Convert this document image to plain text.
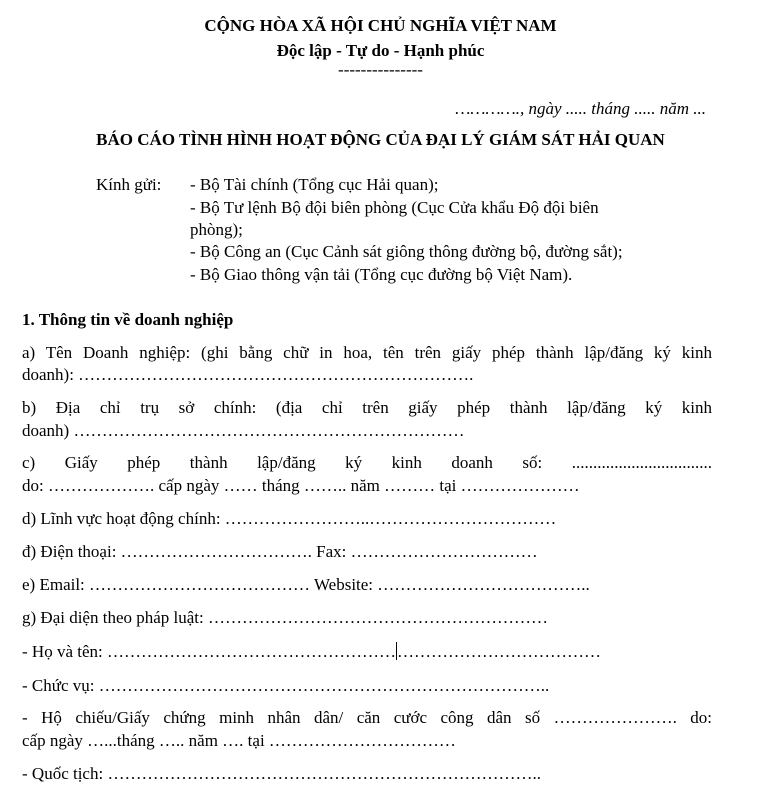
CỘNG HÒA XÃ HỘI CHỦ NGHĨA VIỆT NAM
Độc lập - Tự do - Hạnh phúc
---------------
…………., ngày ..... tháng ..... năm ...
BÁO CÁO TÌNH HÌNH HOẠT ĐỘNG CỦA ĐẠI LÝ GIÁM SÁT HẢI QUAN
Kính gửi: - Bộ Tài chính (Tổng cục Hải quan);
- Bộ Tư lệnh Bộ đội biên phòng (Cục Cửa khẩu Độ đội biên
phòng);
- Bộ Công an (Cục Cảnh sát giông thông đường bộ, đường sắt);
- Bộ Giao thông vận tải (Tổng cục đường bộ Việt Nam).
1. Thông tin về doanh nghiệp
a) Tên Doanh nghiệp: (ghi bằng chữ in hoa, tên trên giấy phép thành lập/đăng ký kinh
doanh): …………………………………………………………….
b) Địa chỉ trụ sở chính: (địa chỉ trên giấy phép thành lập/đăng ký kinh
doanh) ……………………………………………………………
c) Giấy phép thành lập/đăng ký kinh doanh số: .................................
do: ………………. cấp ngày …… tháng …….. năm ……… tại …………………
d) Lĩnh vực hoạt động chính: ……………………..……………………………
đ) Điện thoại: ……………………………. Fax: ……………………………
e) Email: ………………………………… Website: ………………………………..
g) Đại diện theo pháp luật: ……………………………………………………
- Họ và tên: ……………………………………………………………………………
- Chức vụ: ……………………………………………………………………..
- Hộ chiếu/Giấy chứng minh nhân dân/ căn cước công dân số …………………. do:
cấp ngày …...tháng ….. năm …. tại ……………………………
- Quốc tịch: …………………………………………………………………..
